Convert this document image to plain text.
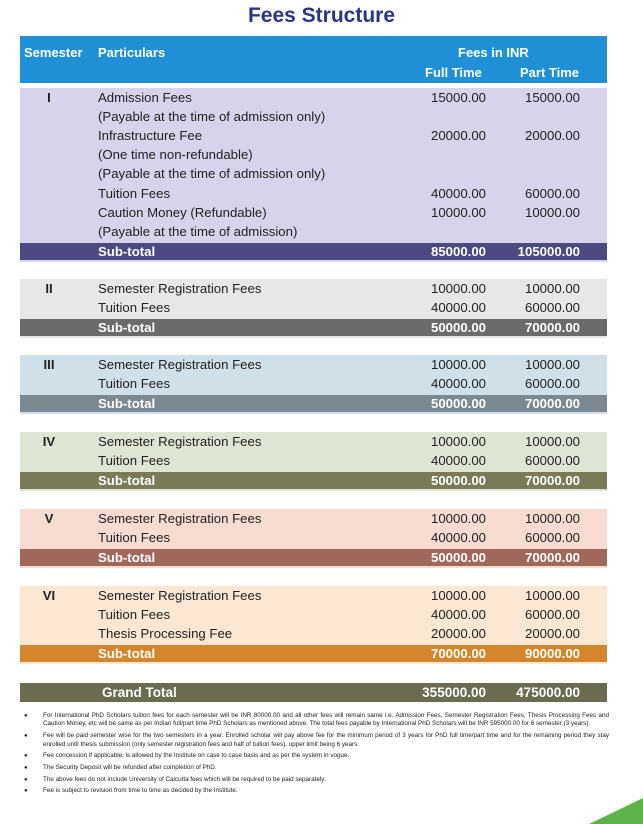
Fees Structure
Semester Particulars	Fees in INR
Full Time	Part Time
I	Admission Fees	15000.00	15000.00
(Payable at the time of admission only)
Infrastructure Fee	20000.00	20000.00
(One time non-refundable)
(Payable at the time of admission only)
Tuition Fees	40000.00	60000.00
Caution Money (Refundable)	10000.00	10000.00
(Payable at the time of admission)
Sub-total	85000.00	105000.00
II	Semester Registration Fees	10000.00	10000.00
Tuition Fees	40000.00	60000.00
Sub-total	50000.00	70000.00
III	Semester Registration Fees	10000.00	10000.00
Tuition Fees	40000.00	60000.00
Sub-total	50000.00	70000.00
IV	Semester Registration Fees	10000.00	10000.00
Tuition Fees	40000.00	60000.00
Sub-total	50000.00	70000.00
V	Semester Registration Fees	10000.00	10000.00
Tuition Fees	40000.00	60000.00
Sub-total	50000.00	70000.00
VI	Semester Registration Fees	10000.00	10000.00
Tuition Fees	40000.00	60000.00
Thesis Processing Fee	20000.00	20000.00
Sub-total	70000.00	90000.00
Grand Total	355000.00	475000.00
● For International PhD Scholars tuition fees for each semester will be INR 80000.00 and all other fees will remain same i.e. Admission Fees, Semester Registration Fees, Thesis Processing Fees and Caution Money, etc will be same as per Indian full/part time PhD Scholars as mentioned above. The total fees payable by International PhD Scholars will be INR 595000.00 for 6 semester (3 years).
● Fee will be paid semester wise for the two semesters in a year. Enrolled scholar will pay above fee for the minimum period of 3 years for PhD full time/part time and for the remaining period they stay enrolled until thesis submission (only semester registration fees and half of tuition fees), upper limit being 6 years.
● Fee concession if applicable, is allowed by the Institute on case to case basis and as per the system in vogue.
● The Security Deposit will be refunded after completion of PhD.
● The above fees do not include University of Calcutta fees which will be required to be paid separately.
● Fee is subject to revision from time to time as decided by the Institute.
